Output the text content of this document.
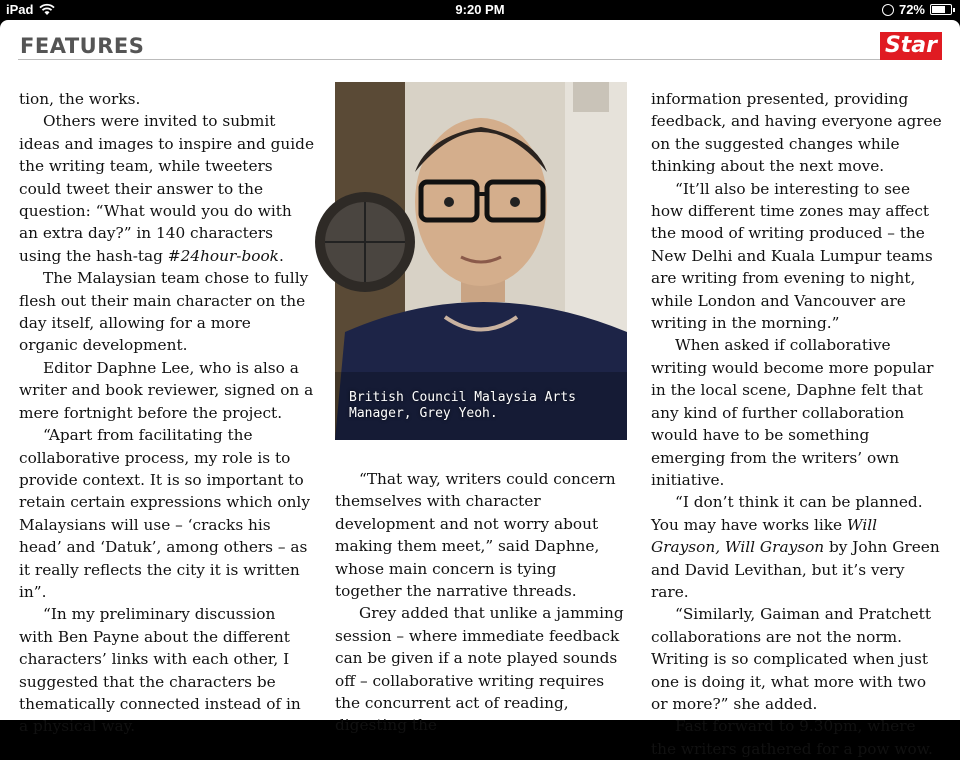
iPad	9:20 PM	72%
FEATURES	Star

tion, the works.

Others were invited to submit ideas and images to inspire and guide the writing team, while tweeters could tweet their answer to the question: “What would you do with an extra day?” in 140 characters using the hash-tag #24hour-book.

The Malaysian team chose to fully flesh out their main character on the day itself, allowing for a more organic development.

Editor Daphne Lee, who is also a writer and book reviewer, signed on a mere fortnight before the project.

“Apart from facilitating the collaborative process, my role is to provide context. It is so important to retain certain expressions which only Malaysians will use – ‘cracks his head’ and ‘Datuk’, among others – as it really reflects the city it is written in”.

“In my preliminary discussion with Ben Payne about the different characters’ links with each other, I suggested that the characters be thematically connected instead of in a physical way.

British Council Malaysia Arts Manager, Grey Yeoh.

“That way, writers could concern themselves with character development and not worry about making them meet,” said Daphne, whose main concern is tying together the narrative threads.

Grey added that unlike a jamming session – where immediate feedback can be given if a note played sounds off – collaborative writing requires the concurrent act of reading, digesting the

information presented, providing feedback, and having everyone agree on the suggested changes while thinking about the next move.

“It’ll also be interesting to see how different time zones may affect the mood of writing produced – the New Delhi and Kuala Lumpur teams are writing from evening to night, while London and Vancouver are writing in the morning.”

When asked if collaborative writing would become more popular in the local scene, Daphne felt that any kind of further collaboration would have to be something emerging from the writers’ own initiative.

“I don’t think it can be planned. You may have works like Will Grayson, Will Grayson by John Green and David Levithan, but it’s very rare.

“Similarly, Gaiman and Pratchett collaborations are not the norm. Writing is so complicated when just one is doing it, what more with two or more?” she added.

Fast forward to 9.30pm, where the writers gathered for a pow wow.
